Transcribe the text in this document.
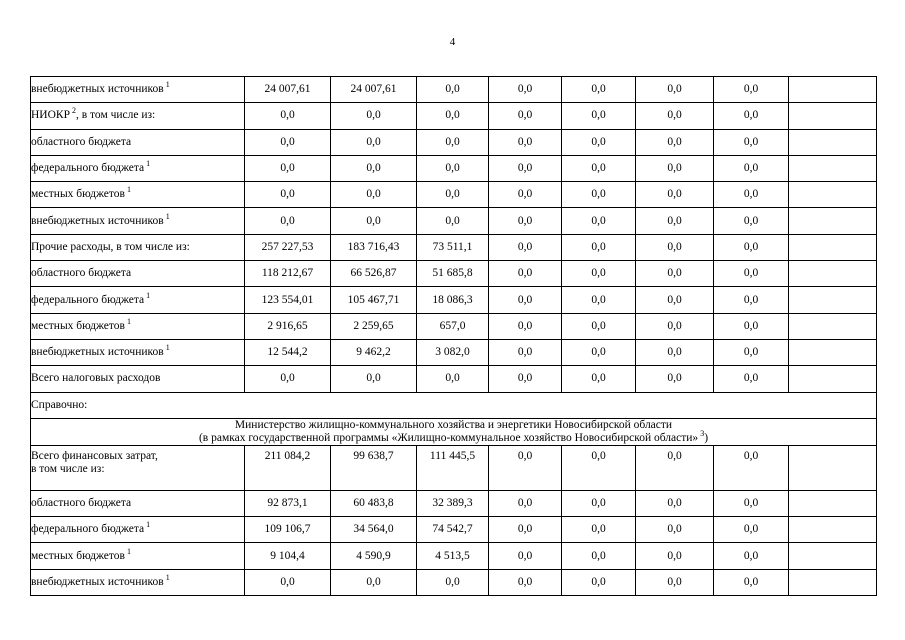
4
внебюджетных источников $^1$	24 007,61	24 007,61	0,0	0,0	0,0	0,0	0,0	
НИОКР $^2$, в том числе из:	0,0	0,0	0,0	0,0	0,0	0,0	0,0	
областного бюджета	0,0	0,0	0,0	0,0	0,0	0,0	0,0	
федерального бюджета $^1$	0,0	0,0	0,0	0,0	0,0	0,0	0,0	
местных бюджетов $^1$	0,0	0,0	0,0	0,0	0,0	0,0	0,0	
внебюджетных источников $^1$	0,0	0,0	0,0	0,0	0,0	0,0	0,0	
Прочие расходы, в том числе из:	257 227,53	183 716,43	73 511,1	0,0	0,0	0,0	0,0	
областного бюджета	118 212,67	66 526,87	51 685,8	0,0	0,0	0,0	0,0	
федерального бюджета $^1$	123 554,01	105 467,71	18 086,3	0,0	0,0	0,0	0,0	
местных бюджетов $^1$	2 916,65	2 259,65	657,0	0,0	0,0	0,0	0,0	
внебюджетных источников $^1$	12 544,2	9 462,2	3 082,0	0,0	0,0	0,0	0,0	
Всего налоговых расходов	0,0	0,0	0,0	0,0	0,0	0,0	0,0	
Справочно:								
Министерство жилищно-коммунального хозяйства и энергетики Новосибирской области
(в рамках государственной программы «Жилищно-коммунальное хозяйство Новосибирской области» $^3$)								
Всего финансовых затрат,
в том числе из:	211 084,2	99 638,7	111 445,5	0,0	0,0	0,0	0,0	
областного бюджета	92 873,1	60 483,8	32 389,3	0,0	0,0	0,0	0,0	
федерального бюджета $^1$	109 106,7	34 564,0	74 542,7	0,0	0,0	0,0	0,0	
местных бюджетов $^1$	9 104,4	4 590,9	4 513,5	0,0	0,0	0,0	0,0	
внебюджетных источников $^1$	0,0	0,0	0,0	0,0	0,0	0,0	0,0	
